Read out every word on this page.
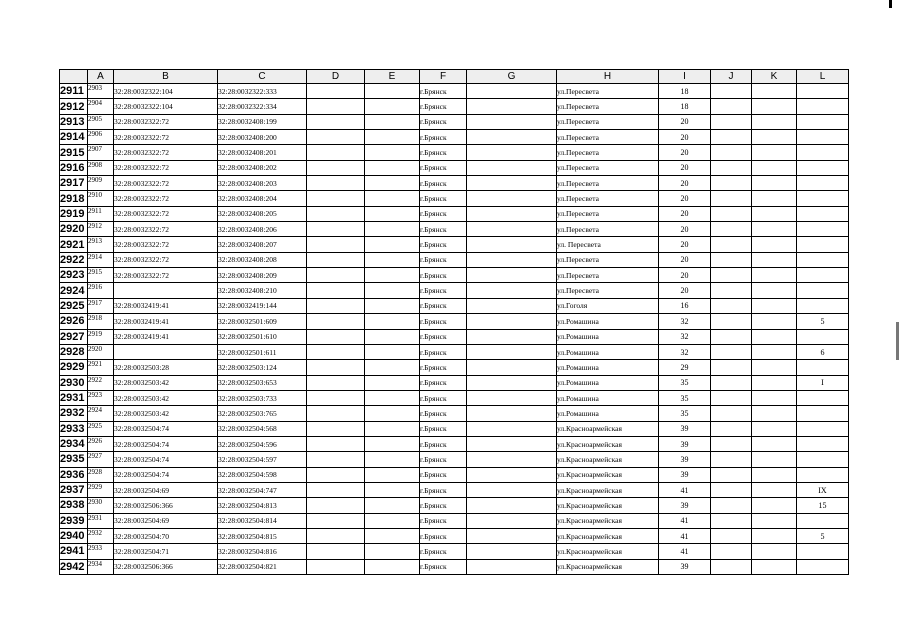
	A	B	C	D	E	F	G	H	I	J	K	L
2911	2903	32:28:0032322:104	32:28:0032322:333			г.Брянск		ул.Пересвета	18			
2912	2904	32:28:0032322:104	32:28:0032322:334			г.Брянск		ул.Пересвета	18			
2913	2905	32:28:0032322:72	32:28:0032408:199			г.Брянск		ул.Пересвета	20			
2914	2906	32:28:0032322:72	32:28:0032408:200			г.Брянск		ул.Пересвета	20			
2915	2907	32:28:0032322:72	32:28:0032408:201			г.Брянск		ул.Пересвета	20			
2916	2908	32:28:0032322:72	32:28:0032408:202			г.Брянск		ул.Пересвета	20			
2917	2909	32:28:0032322:72	32:28:0032408:203			г.Брянск		ул.Пересвета	20			
2918	2910	32:28:0032322:72	32:28:0032408:204			г.Брянск		ул.Пересвета	20			
2919	2911	32:28:0032322:72	32:28:0032408:205			г.Брянск		ул.Пересвета	20			
2920	2912	32:28:0032322:72	32:28:0032408:206			г.Брянск		ул.Пересвета	20			
2921	2913	32:28:0032322:72	32:28:0032408:207			г.Брянск		ул. Пересвета	20			
2922	2914	32:28:0032322:72	32:28:0032408:208			г.Брянск		ул.Пересвета	20			
2923	2915	32:28:0032322:72	32:28:0032408:209			г.Брянск		ул.Пересвета	20			
2924	2916		32:28:0032408:210			г.Брянск		ул.Пересвета	20			
2925	2917	32:28:0032419:41	32:28:0032419:144			г.Брянск		ул.Гоголя	16			
2926	2918	32:28:0032419:41	32:28:0032501:609			г.Брянск		ул.Ромашина	32			5
2927	2919	32:28:0032419:41	32:28:0032501:610			г.Брянск		ул.Ромашина	32			
2928	2920		32:28:0032501:611			г.Брянск		ул.Ромашина	32			6
2929	2921	32:28:0032503:28	32:28:0032503:124			г.Брянск		ул.Ромашина	29			
2930	2922	32:28:0032503:42	32:28:0032503:653			г.Брянск		ул.Ромашина	35			I
2931	2923	32:28:0032503:42	32:28:0032503:733			г.Брянск		ул.Ромашина	35			
2932	2924	32:28:0032503:42	32:28:0032503:765			г.Брянск		ул.Ромашина	35			
2933	2925	32:28:0032504:74	32:28:0032504:568			г.Брянск		ул.Красноармейская	39			
2934	2926	32:28:0032504:74	32:28:0032504:596			г.Брянск		ул.Красноармейская	39			
2935	2927	32:28:0032504:74	32:28:0032504:597			г.Брянск		ул.Красноармейская	39			
2936	2928	32:28:0032504:74	32:28:0032504:598			г.Брянск		ул.Красноармейская	39			
2937	2929	32:28:0032504:69	32:28:0032504:747			г.Брянск		ул.Красноармейская	41			IX
2938	2930	32:28:0032506:366	32:28:0032504:813			г.Брянск		ул.Красноармейская	39			15
2939	2931	32:28:0032504:69	32:28:0032504:814			г.Брянск		ул.Красноармейская	41			
2940	2932	32:28:0032504:70	32:28:0032504:815			г.Брянск		ул.Красноармейская	41			5
2941	2933	32:28:0032504:71	32:28:0032504:816			г.Брянск		ул.Красноармейская	41			
2942	2934	32:28:0032506:366	32:28:0032504:821			г.Брянск		ул.Красноармейская	39			
